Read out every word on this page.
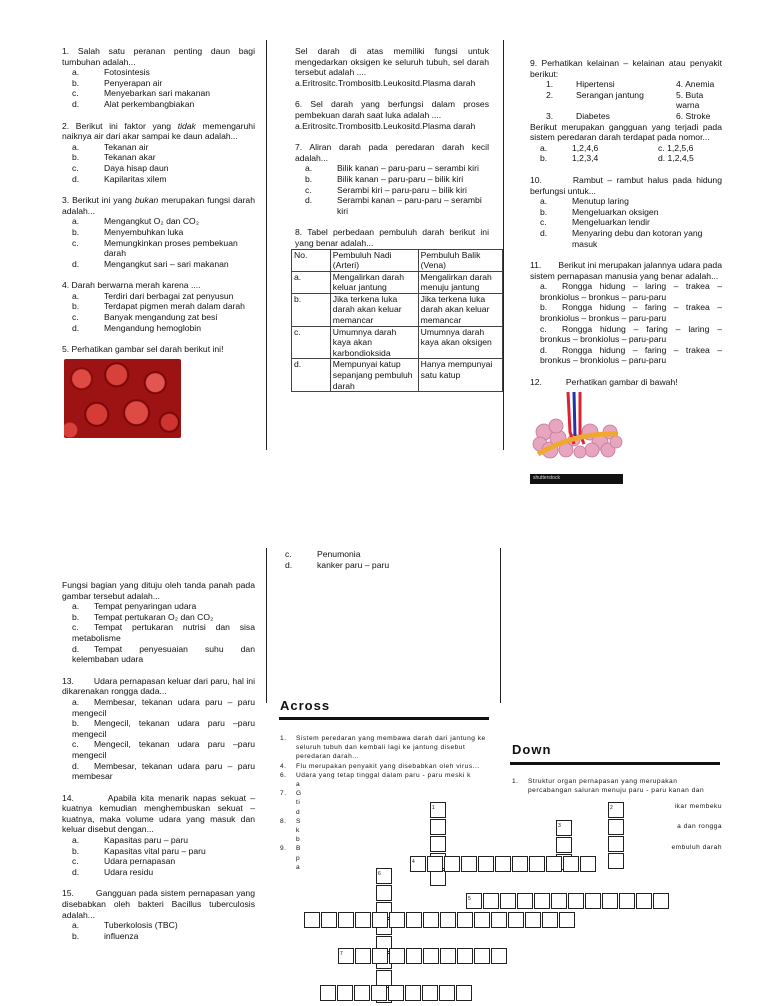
1. Salah satu peranan penting daun bagi tumbuhan adalah...

a.	Fotosintesis
b.	Penyerapan air
c.	Menyebarkan sari makanan
d.	Alat perkembangbiakan

2. Berikut ini faktor yang tidak memengaruhi naiknya air dari akar sampai ke daun adalah...

a.	Tekanan air
b.	Tekanan akar
c.	Daya hisap daun
d.	Kapilaritas xilem

3. Berikut ini yang bukan merupakan fungsi darah adalah...

a.	Mengangkut O₂ dan CO₂
b.	Menyembuhkan luka
c.	Memungkinkan proses pembekuan darah
d.	Mengangkut sari – sari makanan

4. Darah berwarna merah karena ....

a.	Terdiri dari berbagai zat penyusun
b.	Terdapat pigmen merah dalam darah
c.	Banyak mengandung zat besi
d.	Mengandung hemoglobin

5. Perhatikan gambar sel darah berikut ini!

Sel darah di atas memiliki fungsi untuk mengedarkan oksigen ke seluruh tubuh, sel darah tersebut adalah ....

a.Eritrositc.Trombositb.Leukositd.Plasma darah

6. Sel darah yang berfungsi dalam proses pembekuan darah saat luka adalah ....

a.Eritrositc.Trombositb.Leukositd.Plasma darah

7. Aliran darah pada peredaran darah kecil adalah...

a.	Bilik kanan – paru-paru – serambi kiri
b.	Bilik kanan – paru-paru – bilik kiri
c.	Serambi kiri – paru-paru – bilik kiri
d.	Serambi kanan – paru-paru – serambi kiri

8. Tabel perbedaan pembuluh darah berikut ini yang benar adalah...

No.	Pembuluh Nadi (Arteri)	Pembuluh Balik (Vena)
a.	Mengalirkan darah keluar jantung	Mengalirkan darah menuju jantung
b.	Jika terkena luka darah akan keluar memancar	Jika terkena luka darah akan keluar memancar
c.	Umumnya darah kaya akan karbondioksida	Umumnya darah kaya akan oksigen
d.	Mempunyai katup sepanjang pembuluh darah	Hanya mempunyai satu katup

9. Perhatikan kelainan – kelainan atau penyakit berikut:

1.	Hipertensi	4. Anemia
2.	Serangan jantung	5. Buta warna
3.	Diabetes	6. Stroke

Berikut merupakan gangguan yang terjadi pada sistem peredaran darah terdapat pada nomor...

a.	1,2,4,6	c. 1,2,5,6
b.	1,2,3,4	d. 1,2,4,5

10.       Rambut – rambut halus pada hidung berfungsi untuk...

a.	Menutup laring
b.	Mengeluarkan oksigen
c.	Mengeluarkan lendir
d.	Menyaring debu dan kotoran yang masuk

11.       Berikut ini merupakan jalannya udara pada sistem pernapasan manusia yang benar adalah...

a. Rongga hidung – laring – trakea – bronkiolus – bronkus – paru-paru
b. Rongga hidung – faring – trakea – bronkiolus – bronkus – paru-paru
c. Rongga hidung – faring – laring – bronkus – bronkiolus – paru-paru
d. Rongga hidung – faring – trakea – bronkus – bronkiolus – paru-paru

12.          Perhatikan gambar di bawah!

shutterstock

Fungsi bagian yang dituju oleh tanda panah pada gambar tersebut adalah...

a. Tempat penyaringan udara
b. Tempat pertukaran O₂ dan CO₂
c. Tempat pertukaran nutrisi dan sisa metabolisme
d. Tempat penyesuaian suhu dan kelembaban udara

13.        Udara pernapasan keluar dari paru, hal ini dikarenakan rongga dada...

a. Membesar, tekanan udara paru – paru mengecil
b. Mengecil, tekanan udara paru –paru mengecil
c. Mengecil, tekanan udara paru –paru mengecil
d. Membesar, tekanan udara paru – paru membesar

14.        Apabila kita menarik napas sekuat – kuatnya kemudian menghembuskan sekuat – kuatnya, maka volume udara yang masuk dan keluar disebut dengan...

a.	Kapasitas paru – paru
b.	Kapasitas vital paru – paru
c.	Udara pernapasan
d.	Udara residu

15.        Gangguan pada sistem pernapasan yang disebabkan oleh bakteri Bacillus tuberculosis adalah...

a.	Tuberkolosis (TBC)
b.	influenza
c.	Penumonia
d.	kanker paru – paru
Across
Down
1.	Sistem peredaran yang membawa darah dari jantung ke seluruh tubuh dan kembali lagi ke jantung disebut peredaran darah...
4.	Flu merupakan penyakit yang disebabkan oleh virus...
6.	Udara yang tetap tinggal dalam paru - paru meski k
a
7.	G
ti
d
8.	S
k
b
9.	B
p
a
1.	Struktur organ pernapasan yang merupakan percabangan saluran menuju paru - paru kanan dan
ikar membeku
a dan rongga
embuluh darah
1	2
3
4
5
6
7
